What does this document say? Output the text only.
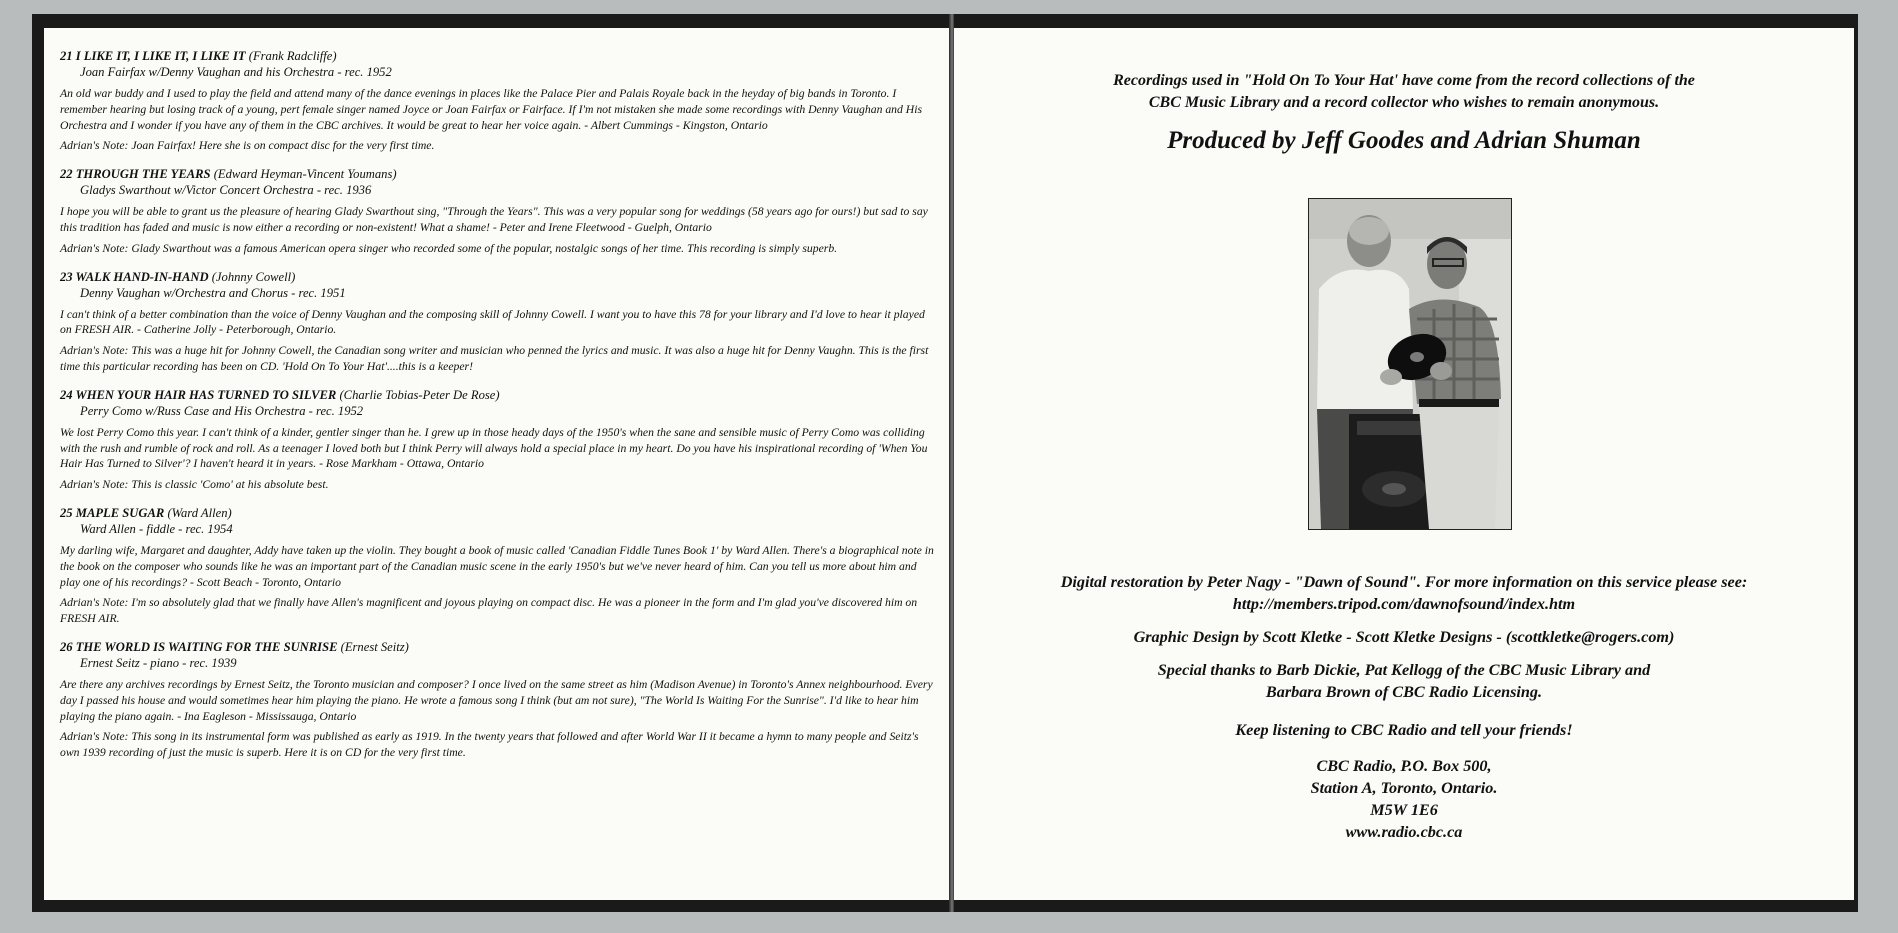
21 I LIKE IT, I LIKE IT, I LIKE IT (Frank Radcliffe)

Joan Fairfax w/Denny Vaughan and his Orchestra - rec. 1952

An old war buddy and I used to play the field and attend many of the dance evenings in places like the Palace Pier and Palais Royale back in the heyday of big bands in Toronto. I remember hearing but losing track of a young, pert female singer named Joyce or Joan Fairfax or Fairface. If I'm not mistaken she made some recordings with Denny Vaughan and His Orchestra and I wonder if you have any of them in the CBC archives. It would be great to hear her voice again. - Albert Cummings - Kingston, Ontario

Adrian's Note: Joan Fairfax! Here she is on compact disc for the very first time.

22 THROUGH THE YEARS (Edward Heyman-Vincent Youmans)

Gladys Swarthout w/Victor Concert Orchestra - rec. 1936

I hope you will be able to grant us the pleasure of hearing Glady Swarthout sing, "Through the Years". This was a very popular song for weddings (58 years ago for ours!) but sad to say this tradition has faded and music is now either a recording or non-existent! What a shame! - Peter and Irene Fleetwood - Guelph, Ontario

Adrian's Note: Glady Swarthout was a famous American opera singer who recorded some of the popular, nostalgic songs of her time. This recording is simply superb.

23 WALK HAND-IN-HAND (Johnny Cowell)

Denny Vaughan w/Orchestra and Chorus - rec. 1951

I can't think of a better combination than the voice of Denny Vaughan and the composing skill of Johnny Cowell. I want you to have this 78 for your library and I'd love to hear it played on FRESH AIR. - Catherine Jolly - Peterborough, Ontario.

Adrian's Note: This was a huge hit for Johnny Cowell, the Canadian song writer and musician who penned the lyrics and music. It was also a huge hit for Denny Vaughn. This is the first time this particular recording has been on CD. 'Hold On To Your Hat'....this is a keeper!

24 WHEN YOUR HAIR HAS TURNED TO SILVER (Charlie Tobias-Peter De Rose)

Perry Como w/Russ Case and His Orchestra - rec. 1952

We lost Perry Como this year. I can't think of a kinder, gentler singer than he. I grew up in those heady days of the 1950's when the sane and sensible music of Perry Como was colliding with the rush and rumble of rock and roll. As a teenager I loved both but I think Perry will always hold a special place in my heart. Do you have his inspirational recording of 'When You Hair Has Turned to Silver'? I haven't heard it in years. - Rose Markham - Ottawa, Ontario

Adrian's Note: This is classic 'Como' at his absolute best.

25 MAPLE SUGAR (Ward Allen)

Ward Allen - fiddle - rec. 1954

My darling wife, Margaret and daughter, Addy have taken up the violin. They bought a book of music called 'Canadian Fiddle Tunes Book 1' by Ward Allen. There's a biographical note in the book on the composer who sounds like he was an important part of the Canadian music scene in the early 1950's but we've never heard of him. Can you tell us more about him and play one of his recordings? - Scott Beach - Toronto, Ontario

Adrian's Note: I'm so absolutely glad that we finally have Allen's magnificent and joyous playing on compact disc. He was a pioneer in the form and I'm glad you've discovered him on FRESH AIR.

26 THE WORLD IS WAITING FOR THE SUNRISE (Ernest Seitz)

Ernest Seitz - piano - rec. 1939

Are there any archives recordings by Ernest Seitz, the Toronto musician and composer? I once lived on the same street as him (Madison Avenue) in Toronto's Annex neighbourhood. Every day I passed his house and would sometimes hear him playing the piano. He wrote a famous song I think (but am not sure), "The World Is Waiting For the Sunrise". I'd like to hear him playing the piano again. - Ina Eagleson - Mississauga, Ontario

Adrian's Note: This song in its instrumental form was published as early as 1919. In the twenty years that followed and after World War II it became a hymn to many people and Seitz's own 1939 recording of just the music is superb. Here it is on CD for the very first time.

Recordings used in "Hold On To Your Hat' have come from the record collections of the

CBC Music Library and a record collector who wishes to remain anonymous.

Produced by Jeff Goodes and Adrian Shuman

Digital restoration by Peter Nagy - "Dawn of Sound". For more information on this service please see:

http://members.tripod.com/dawnofsound/index.htm

Graphic Design by Scott Kletke - Scott Kletke Designs - (scottkletke@rogers.com)

Special thanks to Barb Dickie, Pat Kellogg of the CBC Music Library and

Barbara Brown of CBC Radio Licensing.

Keep listening to CBC Radio and tell your friends!

CBC Radio, P.O. Box 500,
Station A, Toronto, Ontario.
M5W 1E6
www.radio.cbc.ca
